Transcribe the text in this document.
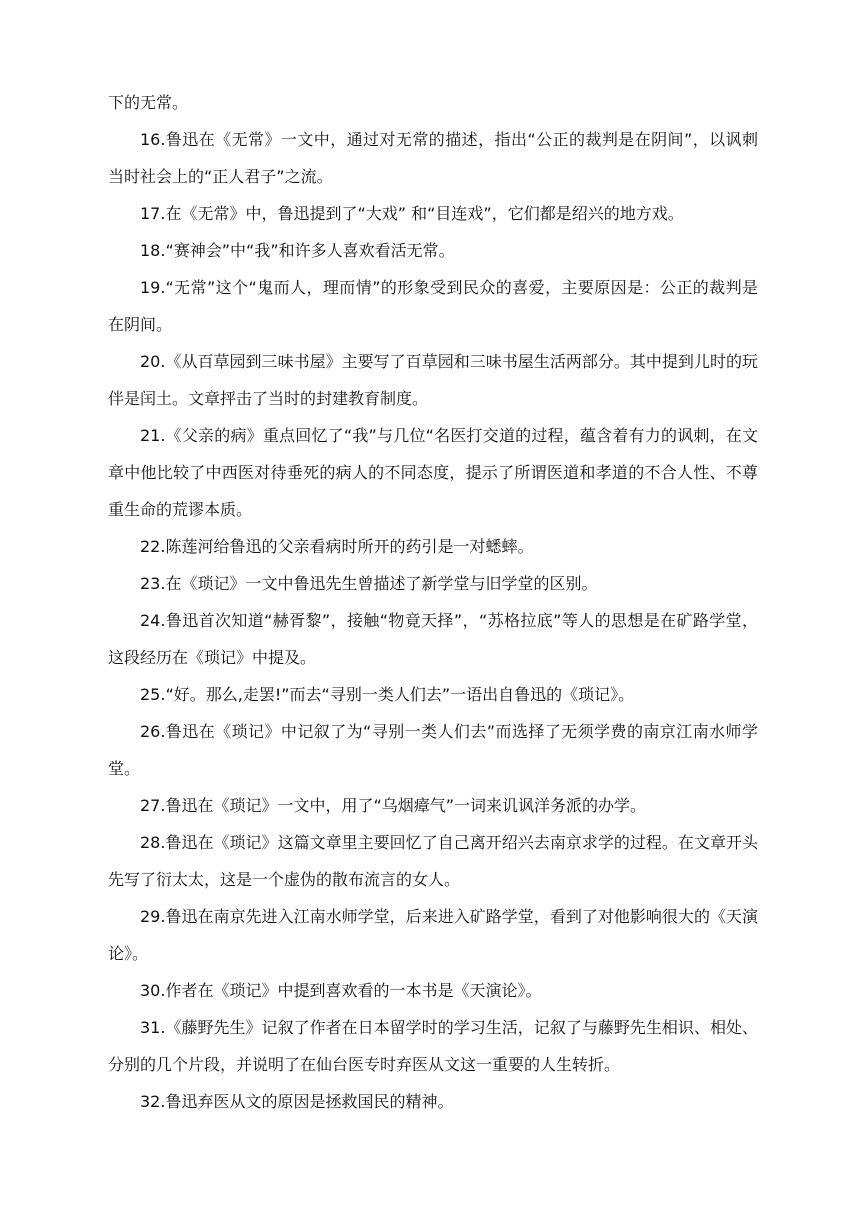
下的无常。

16.鲁迅在《无常》一文中，通过对无常的描述，指出“公正的裁判是在阴间”，以讽刺当时社会上的“正人君子”之流。

17.在《无常》中，鲁迅提到了“大戏” 和“目连戏”，它们都是绍兴的地方戏。

18.“赛神会”中“我”和许多人喜欢看活无常。

19.“无常”这个“鬼而人，理而情”的形象受到民众的喜爱，主要原因是：公正的裁判是在阴间。

20.《从百草园到三味书屋》主要写了百草园和三味书屋生活两部分。其中提到儿时的玩伴是闰土。文章抨击了当时的封建教育制度。

21.《父亲的病》重点回忆了“我”与几位“名医打交道的过程，蕴含着有力的讽刺，在文章中他比较了中西医对待垂死的病人的不同态度，提示了所谓医道和孝道的不合人性、不尊重生命的荒谬本质。

22.陈莲河给鲁迅的父亲看病时所开的药引是一对蟋蟀。

23.在《琐记》一文中鲁迅先生曾描述了新学堂与旧学堂的区别。

24.鲁迅首次知道“赫胥黎”，接触“物竟天择”，“苏格拉底”等人的思想是在矿路学堂，这段经历在《琐记》中提及。

25.“好。那么,走罢!”而去“寻别一类人们去”一语出自鲁迅的《琐记》。

26.鲁迅在《琐记》中记叙了为“寻别一类人们去”而选择了无须学费的南京江南水师学堂。

27.鲁迅在《琐记》一文中，用了“乌烟瘴气”一词来讥讽洋务派的办学。

28.鲁迅在《琐记》这篇文章里主要回忆了自己离开绍兴去南京求学的过程。在文章开头先写了衍太太，这是一个虚伪的散布流言的女人。

29.鲁迅在南京先进入江南水师学堂，后来进入矿路学堂，看到了对他影响很大的《天演论》。

30.作者在《琐记》中提到喜欢看的一本书是《天演论》。

31.《藤野先生》记叙了作者在日本留学时的学习生活，记叙了与藤野先生相识、相处、分别的几个片段，并说明了在仙台医专时弃医从文这一重要的人生转折。

32.鲁迅弃医从文的原因是拯救国民的精神。
